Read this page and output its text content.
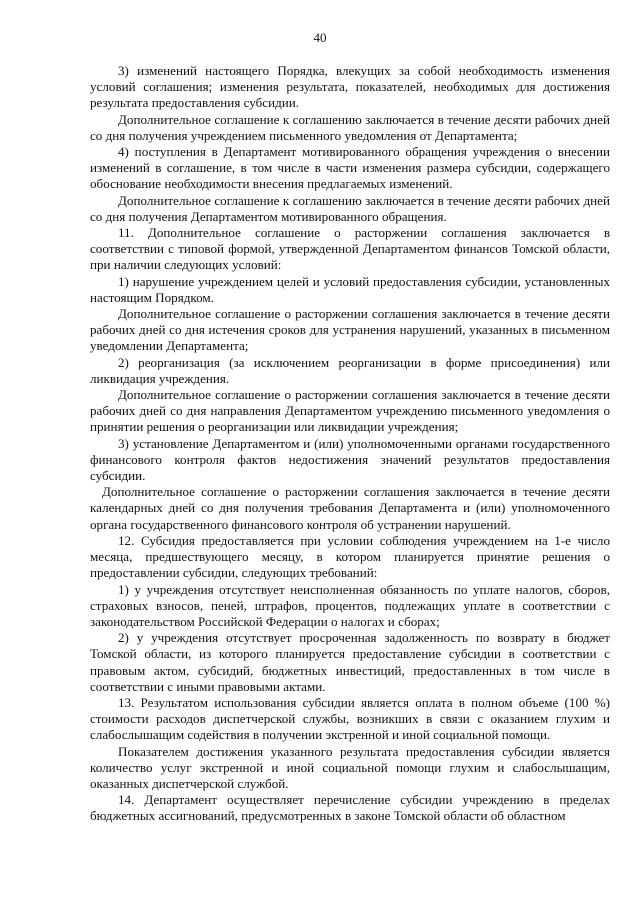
40

3) изменений настоящего Порядка, влекущих за собой необходимость изменения условий соглашения; изменения результата, показателей, необходимых для достижения результата предоставления субсидии.

Дополнительное соглашение к соглашению заключается в течение десяти рабочих дней со дня получения учреждением письменного уведомления от Департамента;

4) поступления в Департамент мотивированного обращения учреждения о внесении изменений в соглашение, в том числе в части изменения размера субсидии, содержащего обоснование необходимости внесения предлагаемых изменений.

Дополнительное соглашение к соглашению заключается в течение десяти рабочих дней со дня получения Департаментом мотивированного обращения.

11. Дополнительное соглашение о расторжении соглашения заключается в соответствии с типовой формой, утвержденной Департаментом финансов Томской области, при наличии следующих условий:

1) нарушение учреждением целей и условий предоставления субсидии, установленных настоящим Порядком.

Дополнительное соглашение о расторжении соглашения заключается в течение десяти рабочих дней со дня истечения сроков для устранения нарушений, указанных в письменном уведомлении Департамента;

2) реорганизация (за исключением реорганизации в форме присоединения) или ликвидация учреждения.

Дополнительное соглашение о расторжении соглашения заключается в течение десяти рабочих дней со дня направления Департаментом учреждению письменного уведомления о принятии решения о реорганизации или ликвидации учреждения;

3) установление Департаментом и (или) уполномоченными органами государственного финансового контроля фактов недостижения значений результатов предоставления субсидии.

Дополнительное соглашение о расторжении соглашения заключается в течение десяти календарных дней со дня получения требования Департамента и (или) уполномоченного органа государственного финансового контроля об устранении нарушений.

12. Субсидия предоставляется при условии соблюдения учреждением на 1-е число месяца, предшествующего месяцу, в котором планируется принятие решения о предоставлении субсидии, следующих требований:

1) у учреждения отсутствует неисполненная обязанность по уплате налогов, сборов, страховых взносов, пеней, штрафов, процентов, подлежащих уплате в соответствии с законодательством Российской Федерации о налогах и сборах;

2) у учреждения отсутствует просроченная задолженность по возврату в бюджет Томской области, из которого планируется предоставление субсидии в соответствии с правовым актом, субсидий, бюджетных инвестиций, предоставленных в том числе в соответствии с иными правовыми актами.

13. Результатом использования субсидии является оплата в полном объеме (100 %) стоимости расходов диспетчерской службы, возникших в связи с оказанием глухим и слабослышащим содействия в получении экстренной и иной социальной помощи.

Показателем достижения указанного результата предоставления субсидии является количество услуг экстренной и иной социальной помощи глухим и слабослышащим, оказанных диспетчерской службой.

14. Департамент осуществляет перечисление субсидии учреждению в пределах бюджетных ассигнований, предусмотренных в законе Томской области об областном
